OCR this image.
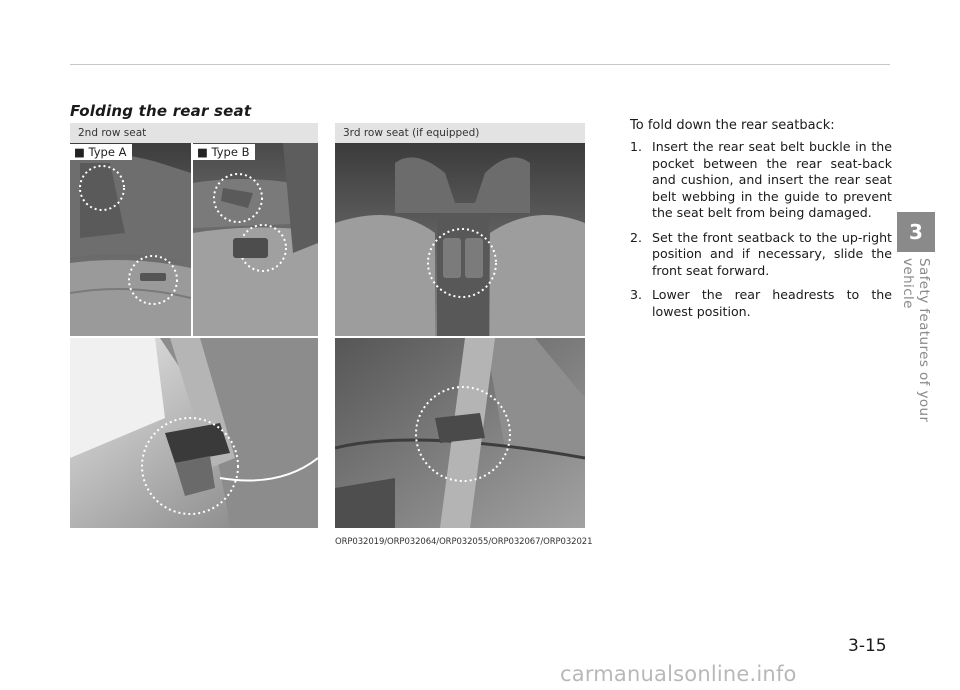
Folding the rear seat
2nd row seat	3rd row seat (if equipped)
■ Type A	■ Type B
ORP032019/ORP032064/ORP032055/ORP032067/ORP032021

To fold down the rear seatback:

1. Insert the rear seat belt buckle in the pocket between the rear seat-back and cushion, and insert the rear seat belt webbing in the guide to prevent the seat belt from being damaged.
2. Set the front seatback to the up-right position and if necessary, slide the front seat forward.
3. Lower the rear headrests to the lowest position.
3
Safety features of your vehicle
3-15
carmanualsonline.info
